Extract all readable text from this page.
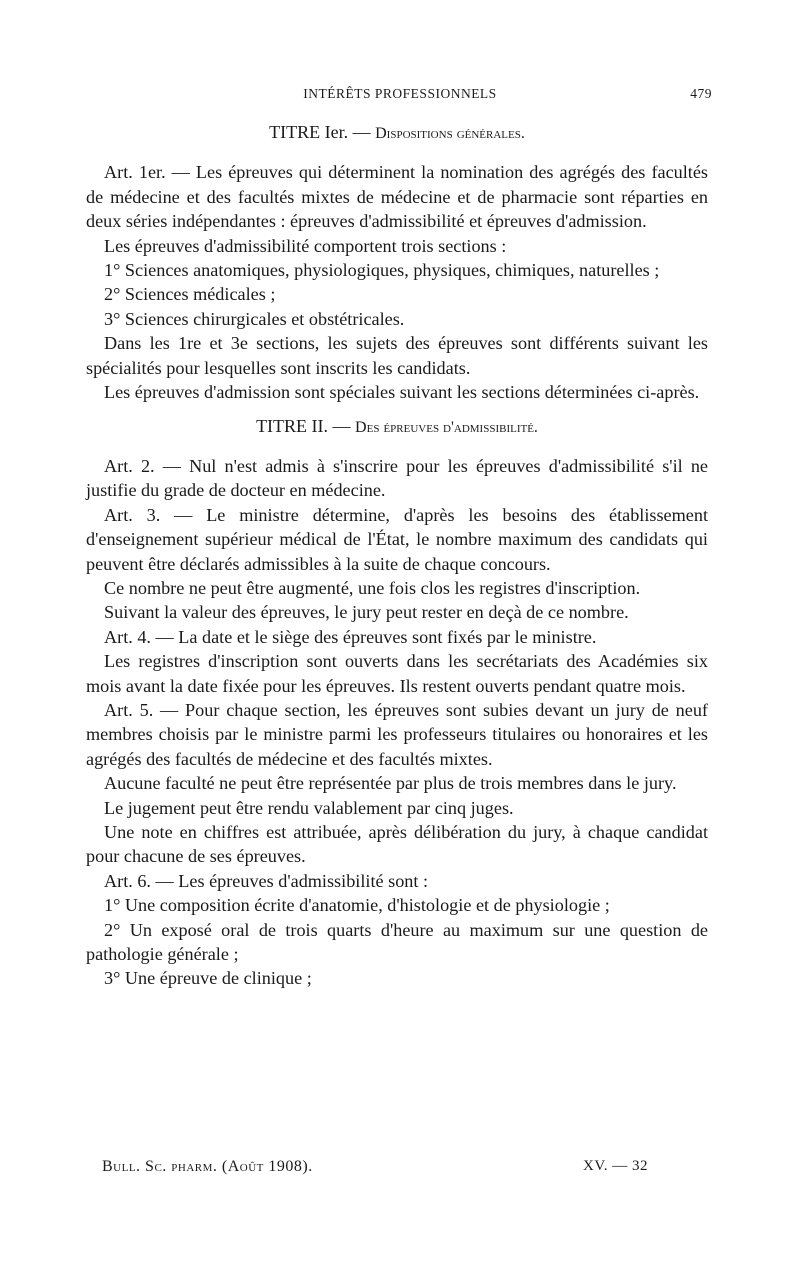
INTÉRÊTS PROFESSIONNELS	479
TITRE Ier. — Dispositions générales.

Art. 1er. — Les épreuves qui déterminent la nomination des agrégés des facultés de médecine et des facultés mixtes de médecine et de pharmacie sont réparties en deux séries indépendantes : épreuves d'admissibilité et épreuves d'admission.

Les épreuves d'admissibilité comportent trois sections :

1° Sciences anatomiques, physiologiques, physiques, chimiques, naturelles ;

2° Sciences médicales ;

3° Sciences chirurgicales et obstétricales.

Dans les 1re et 3e sections, les sujets des épreuves sont différents suivant les spécialités pour lesquelles sont inscrits les candidats.

Les épreuves d'admission sont spéciales suivant les sections déterminées ci-après.

TITRE II. — Des épreuves d'admissibilité.

Art. 2. — Nul n'est admis à s'inscrire pour les épreuves d'admissibilité s'il ne justifie du grade de docteur en médecine.

Art. 3. — Le ministre détermine, d'après les besoins des établissement d'enseignement supérieur médical de l'État, le nombre maximum des candidats qui peuvent être déclarés admissibles à la suite de chaque concours.

Ce nombre ne peut être augmenté, une fois clos les registres d'inscription.

Suivant la valeur des épreuves, le jury peut rester en deçà de ce nombre.

Art. 4. — La date et le siège des épreuves sont fixés par le ministre.

Les registres d'inscription sont ouverts dans les secrétariats des Académies six mois avant la date fixée pour les épreuves. Ils restent ouverts pendant quatre mois.

Art. 5. — Pour chaque section, les épreuves sont subies devant un jury de neuf membres choisis par le ministre parmi les professeurs titulaires ou honoraires et les agrégés des facultés de médecine et des facultés mixtes.

Aucune faculté ne peut être représentée par plus de trois membres dans le jury.

Le jugement peut être rendu valablement par cinq juges.

Une note en chiffres est attribuée, après délibération du jury, à chaque candidat pour chacune de ses épreuves.

Art. 6. — Les épreuves d'admissibilité sont :

1° Une composition écrite d'anatomie, d'histologie et de physiologie ;

2° Un exposé oral de trois quarts d'heure au maximum sur une question de pathologie générale ;

3° Une épreuve de clinique ;

Bull. Sc. pharm. (Août 1908).	XV. — 32
